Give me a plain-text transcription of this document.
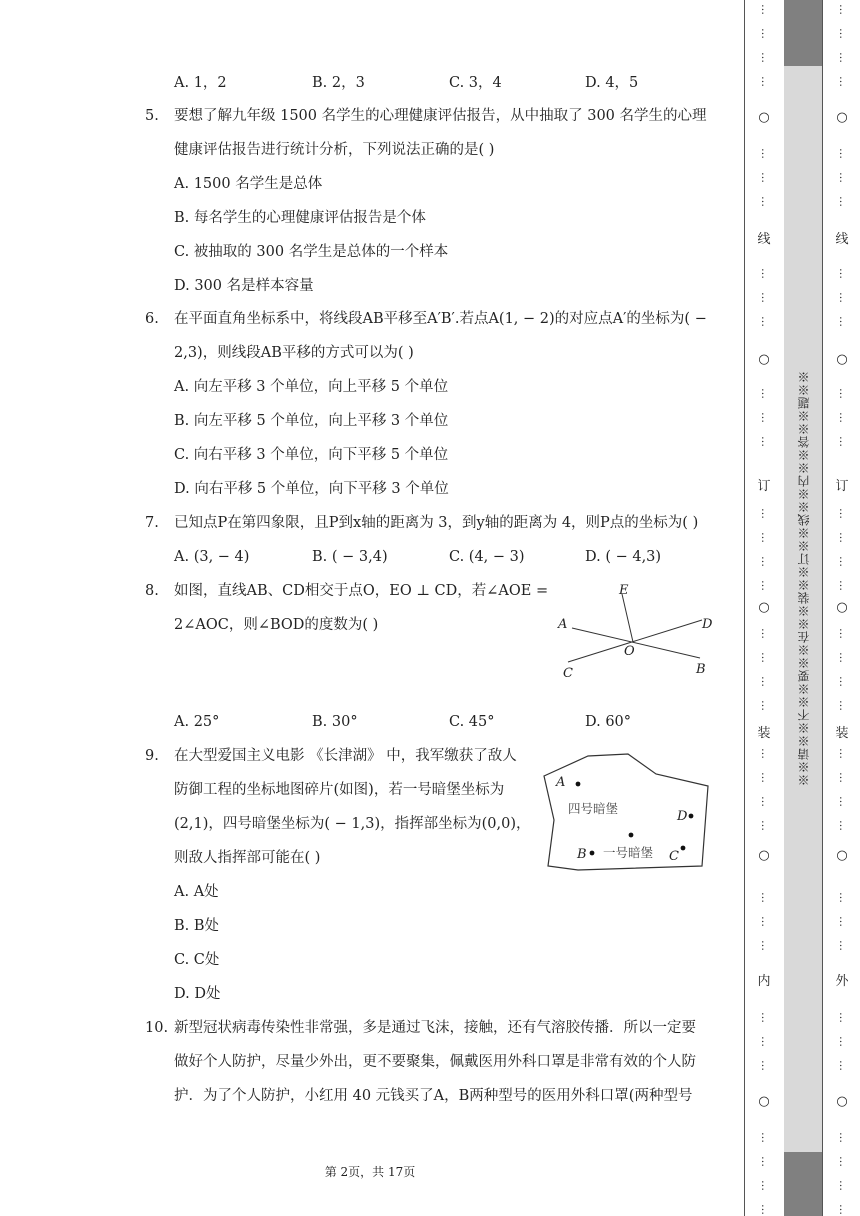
A. 1，2	B. 2，3	C. 3，4	D. 4，5
5. 要想了解九年级 1500 名学生的心理健康评估报告，从中抽取了 300 名学生的心理
健康评估报告进行统计分析，下列说法正确的是( )
A. 1500 名学生是总体
B. 每名学生的心理健康评估报告是个体
C. 被抽取的 300 名学生是总体的一个样本
D. 300 名是样本容量
6. 在平面直角坐标系中，将线段AB平移至A′B′.若点A(1, − 2)的对应点A′的坐标为( −
2,3)，则线段AB平移的方式可以为( )
A. 向左平移 3 个单位，向上平移 5 个单位
B. 向左平移 5 个单位，向上平移 3 个单位
C. 向右平移 3 个单位，向下平移 5 个单位
D. 向右平移 5 个单位，向下平移 3 个单位
7. 已知点P在第四象限，且P到x轴的距离为 3，到y轴的距离为 4，则P点的坐标为( )
A. (3, − 4)	B. ( − 3,4)	C. (4, − 3)	D. ( − 4,3)
8. 如图，直线AB、CD相交于点O，EO ⊥ CD，若∠AOE =
2∠AOC，则∠BOD的度数为( )	A
B
C
D
E
O
A. 25°	B. 30°	C. 45°	D. 60°
9. 在大型爱国主义电影 《长津湖》 中，我军缴获了敌人
防御工程的坐标地图碎片(如图)，若一号暗堡坐标为
(2,1)，四号暗堡坐标为( − 1,3)，指挥部坐标为(0,0)，
则敌人指挥部可能在( )
A
B	C
D
四号暗堡
一号暗堡
A. A处
B. B处
C. C处
D. D处
10. 新型冠状病毒传染性非常强，多是通过飞沫，接触，还有气溶胶传播．所以一定要
做好个人防护，尽量少外出，更不要聚集，佩戴医用外科口罩是非常有效的个人防
护．为了个人防护，小红用 40 元钱买了A，B两种型号的医用外科口罩(两种型号
第 2页，共 17页
※※请※※不※※要※※在※※装※※订※※线※※内※※答※※题※※
○
线
○
订
○
装
○
内
○
○
线
○
订
○
装
○
外
○
…
…
…
…
…
…
…
…
…
…
…
…
…
…
…
…
…
…
…
…
…
…
…
…
…
…
…
…
…
…
…
…
…
…
…
…
…
…
…
…
…
…
…
…
…
…
…
…
…
…
…
…
…
…
…
…
…
…
…
…
…
…
…
…
…
…
…
…
…
…
